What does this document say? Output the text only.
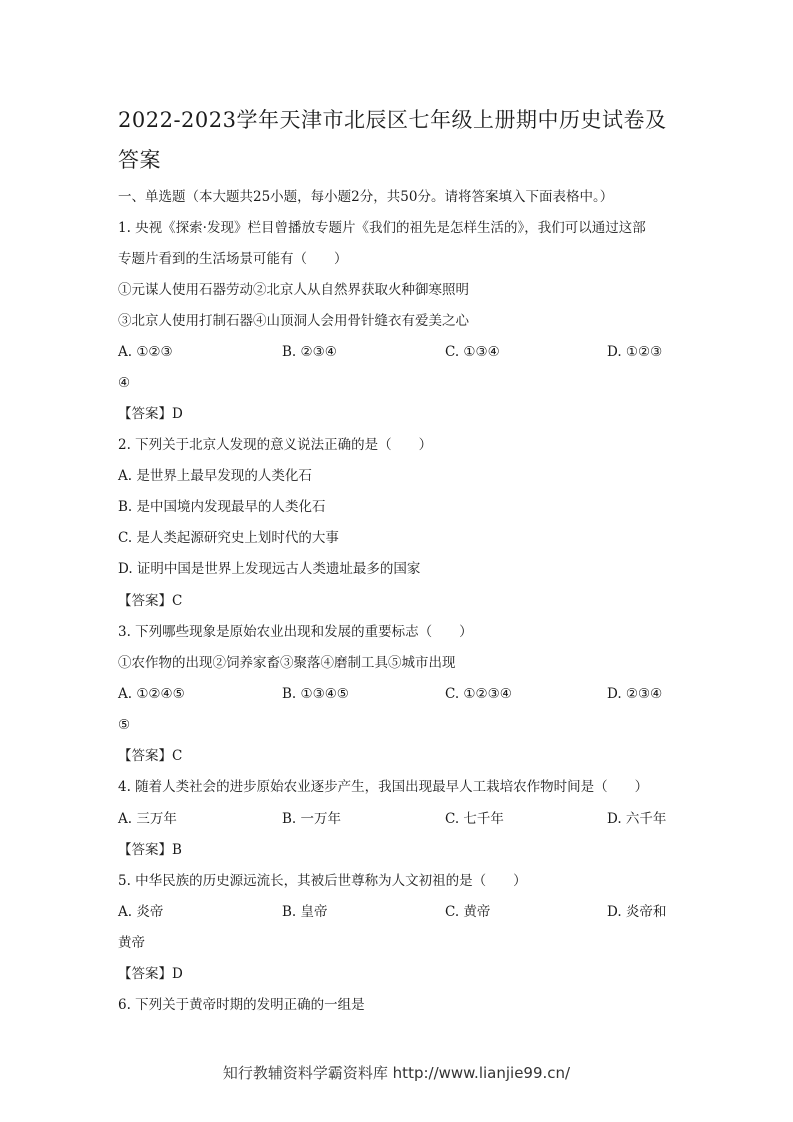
2022-2023学年天津市北辰区七年级上册期中历史试卷及答案
一、单选题（本大题共25小题，每小题2分，共50分。请将答案填入下面表格中。）
1. 央视《探索·发现》栏目曾播放专题片《我们的祖先是怎样生活的》，我们可以通过这部
专题片看到的生活场景可能有（　　）
①元谋人使用石器劳动②北京人从自然界获取火种御寒照明
③北京人使用打制石器④山顶洞人会用骨针缝衣有爱美之心
A. ①②③	B. ②③④	C. ①③④	D. ①②③
④
【答案】D
2. 下列关于北京人发现的意义说法正确的是（　　）
A. 是世界上最早发现的人类化石
B. 是中国境内发现最早的人类化石
C. 是人类起源研究史上划时代的大事
D. 证明中国是世界上发现远古人类遗址最多的国家
【答案】C
3. 下列哪些现象是原始农业出现和发展的重要标志（　　）
①农作物的出现②饲养家畜③聚落④磨制工具⑤城市出现
A. ①②④⑤	B. ①③④⑤	C. ①②③④	D. ②③④
⑤
【答案】C
4. 随着人类社会的进步原始农业逐步产生，我国出现最早人工栽培农作物时间是（　　）
A. 三万年	B. 一万年	C. 七千年	D. 六千年
【答案】B
5. 中华民族的历史源远流长，其被后世尊称为人文初祖的是（　　）
A. 炎帝	B. 皇帝	C. 黄帝	D. 炎帝和
黄帝
【答案】D
6. 下列关于黄帝时期的发明正确的一组是
知行教辅资料学霸资料库 http://www.lianjie99.cn/
